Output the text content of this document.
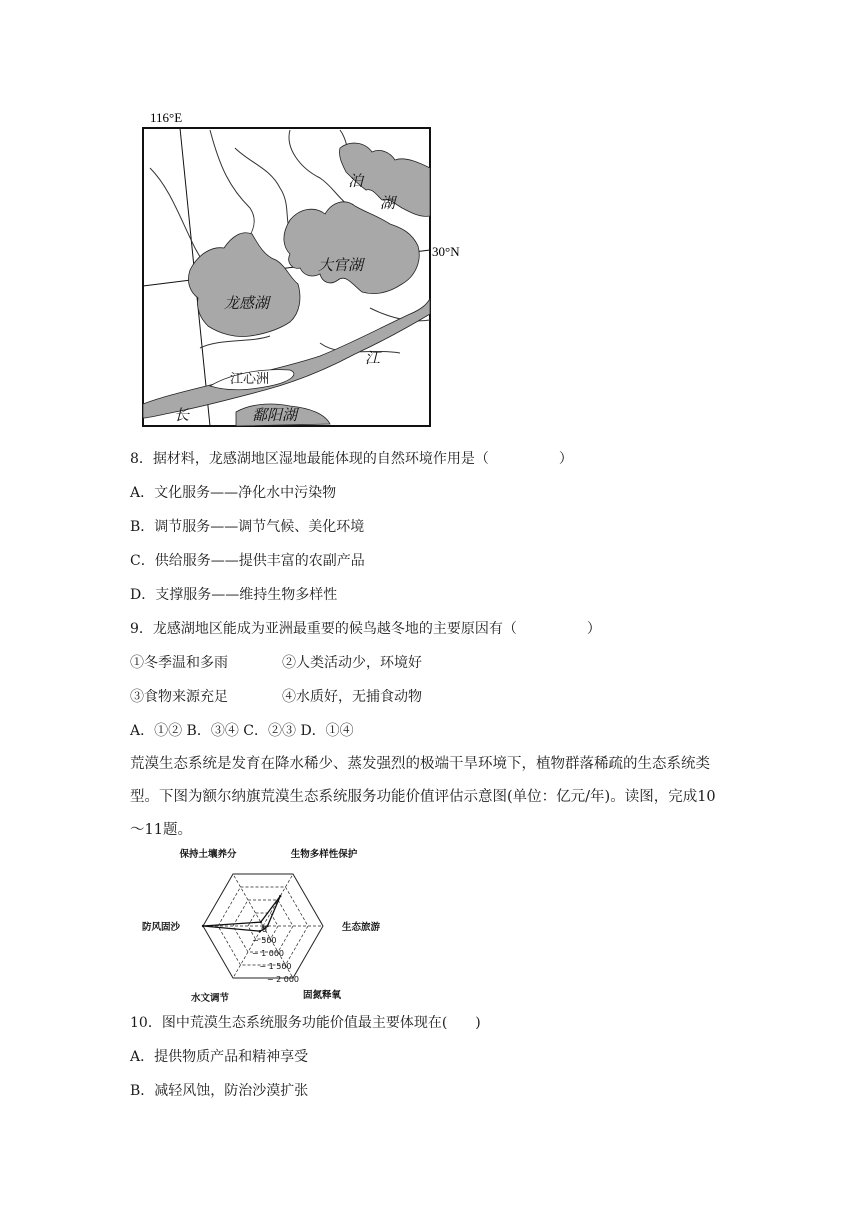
116°E
30°N
泊
湖
大官湖
龙感湖
江
江心洲
长	鄱阳湖
8．据材料，龙感湖地区湿地最能体现的自然环境作用是（　　　　　）
A．文化服务——净化水中污染物
B．调节服务——调节气候、美化环境
C．供给服务——提供丰富的农副产品
D．支撑服务——维持生物多样性
9．龙感湖地区能成为亚洲最重要的候鸟越冬地的主要原因有（　　　　　）
①冬季温和多雨	②人类活动少，环境好
③食物来源充足	④水质好，无捕食动物
A．①② B．③④ C．②③ D．①④
荒漠生态系统是发育在降水稀少、蒸发强烈的极端干旱环境下，植物群落稀疏的生态系统类型。下图为额尔纳旗荒漠生态系统服务功能价值评估示意图(单位：亿元/年)。读图，完成10～11题。
保持土壤养分	生物多样性保护
生态旅游
固氮释氧
水文调节
防风固沙	0
− 500
− 1 000
− 1 500
− 2 000
10．图中荒漠生态系统服务功能价值最主要体现在(　　)
A．提供物质产品和精神享受
B．减轻风蚀，防治沙漠扩张
